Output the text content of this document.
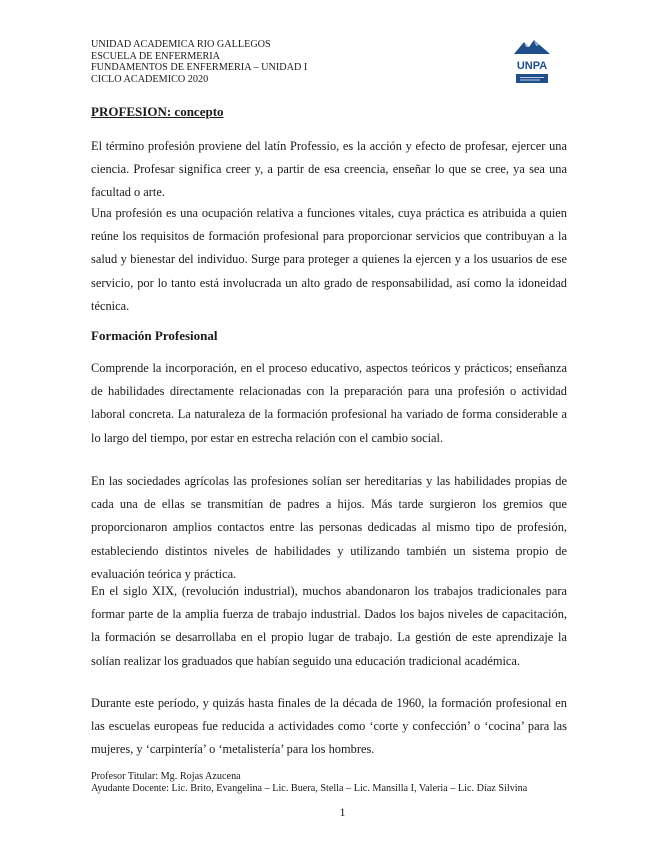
UNIDAD ACADEMICA RIO GALLEGOS
ESCUELA DE ENFERMERIA
FUNDAMENTOS DE ENFERMERIA – UNIDAD I
CICLO ACADEMICO 2020
UNPA
PROFESION: concepto

El término profesión proviene del latín Professio, es la acción y efecto de profesar, ejercer una ciencia. Profesar significa creer y, a partir de esa creencia, enseñar lo que se cree, ya sea una facultad o arte.

Una profesión es una ocupación relativa a funciones vitales, cuya práctica es atribuida a quien reúne los requisitos de formación profesional para proporcionar servicios que contribuyan a la salud y bienestar del individuo. Surge para proteger a quienes la ejercen y a los usuarios de ese servicio, por lo tanto está involucrada un alto grado de responsabilidad, así como la idoneidad técnica.

Formación Profesional

Comprende la incorporación, en el proceso educativo, aspectos teóricos y prácticos; enseñanza de habilidades directamente relacionadas con la preparación para una profesión o actividad laboral concreta. La naturaleza de la formación profesional ha variado de forma considerable a lo largo del tiempo, por estar en estrecha relación con el cambio social.

En las sociedades agrícolas las profesiones solían ser hereditarias y las habilidades propias de cada una de ellas se transmitían de padres a hijos. Más tarde surgieron los gremios que proporcionaron amplios contactos entre las personas dedicadas al mismo tipo de profesión, estableciendo distintos niveles de habilidades y utilizando también un sistema propio de evaluación teórica y práctica.

En el siglo XIX, (revolución industrial), muchos abandonaron los trabajos tradicionales para formar parte de la amplia fuerza de trabajo industrial. Dados los bajos niveles de capacitación, la formación se desarrollaba en el propio lugar de trabajo. La gestión de este aprendizaje la solían realizar los graduados que habían seguido una educación tradicional académica.

Durante este período, y quizás hasta finales de la década de 1960, la formación profesional en las escuelas europeas fue reducida a actividades como ‘corte y confección’ o ‘cocina’ para las mujeres, y ‘carpintería’ o ‘metalistería’ para los hombres.

Profesor Titular: Mg. Rojas Azucena
Ayudante Docente: Lic. Brito, Evangelina – Lic. Buera, Stella – Lic. Mansilla I, Valeria – Lic. Díaz Silvina
1
